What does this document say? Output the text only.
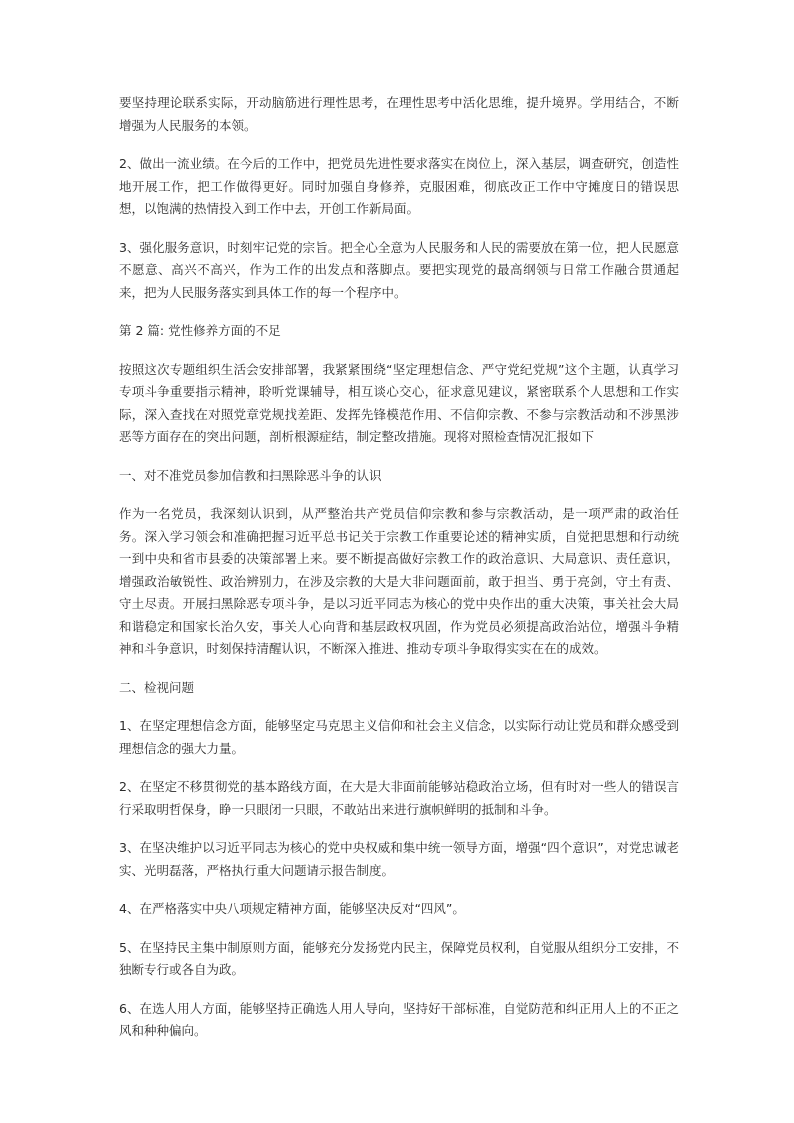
要坚持理论联系实际，开动脑筋进行理性思考，在理性思考中活化思维，提升境界。学用结合，不断增强为人民服务的本领。

2、做出一流业绩。在今后的工作中，把党员先进性要求落实在岗位上，深入基层，调查研究，创造性地开展工作，把工作做得更好。同时加强自身修养，克服困难，彻底改正工作中守摊度日的错误思想，以饱满的热情投入到工作中去，开创工作新局面。

3、强化服务意识，时刻牢记党的宗旨。把全心全意为人民服务和人民的需要放在第一位，把人民愿意不愿意、高兴不高兴，作为工作的出发点和落脚点。要把实现党的最高纲领与日常工作融合贯通起来，把为人民服务落实到具体工作的每一个程序中。

第 2 篇: 党性修养方面的不足

按照这次专题组织生活会安排部署，我紧紧围绕“坚定理想信念、严守党纪党规”这个主题，认真学习专项斗争重要指示精神，聆听党课辅导，相互谈心交心，征求意见建议，紧密联系个人思想和工作实际，深入查找在对照党章党规找差距、发挥先锋模范作用、不信仰宗教、不参与宗教活动和不涉黑涉恶等方面存在的突出问题，剖析根源症结，制定整改措施。现将对照检查情况汇报如下

一、对不准党员参加信教和扫黑除恶斗争的认识

作为一名党员，我深刻认识到，从严整治共产党员信仰宗教和参与宗教活动，是一项严肃的政治任务。深入学习领会和准确把握习近平总书记关于宗教工作重要论述的精神实质，自觉把思想和行动统一到中央和省市县委的决策部署上来。要不断提高做好宗教工作的政治意识、大局意识、责任意识，增强政治敏锐性、政治辨别力，在涉及宗教的大是大非问题面前，敢于担当、勇于亮剑，守土有责、守土尽责。开展扫黑除恶专项斗争，是以习近平同志为核心的党中央作出的重大决策，事关社会大局和谐稳定和国家长治久安，事关人心向背和基层政权巩固，作为党员必须提高政治站位，增强斗争精神和斗争意识，时刻保持清醒认识，不断深入推进、推动专项斗争取得实实在在的成效。

二、检视问题

1、在坚定理想信念方面，能够坚定马克思主义信仰和社会主义信念，以实际行动让党员和群众感受到理想信念的强大力量。

2、在坚定不移贯彻党的基本路线方面，在大是大非面前能够站稳政治立场，但有时对一些人的错误言行采取明哲保身，睁一只眼闭一只眼，不敢站出来进行旗帜鲜明的抵制和斗争。

3、在坚决维护以习近平同志为核心的党中央权威和集中统一领导方面，增强“四个意识”，对党忠诚老实、光明磊落，严格执行重大问题请示报告制度。

4、在严格落实中央八项规定精神方面，能够坚决反对“四风”。

5、在坚持民主集中制原则方面，能够充分发扬党内民主，保障党员权利，自觉服从组织分工安排，不独断专行或各自为政。

6、在选人用人方面，能够坚持正确选人用人导向，坚持好干部标准，自觉防范和纠正用人上的不正之风和种种偏向。
